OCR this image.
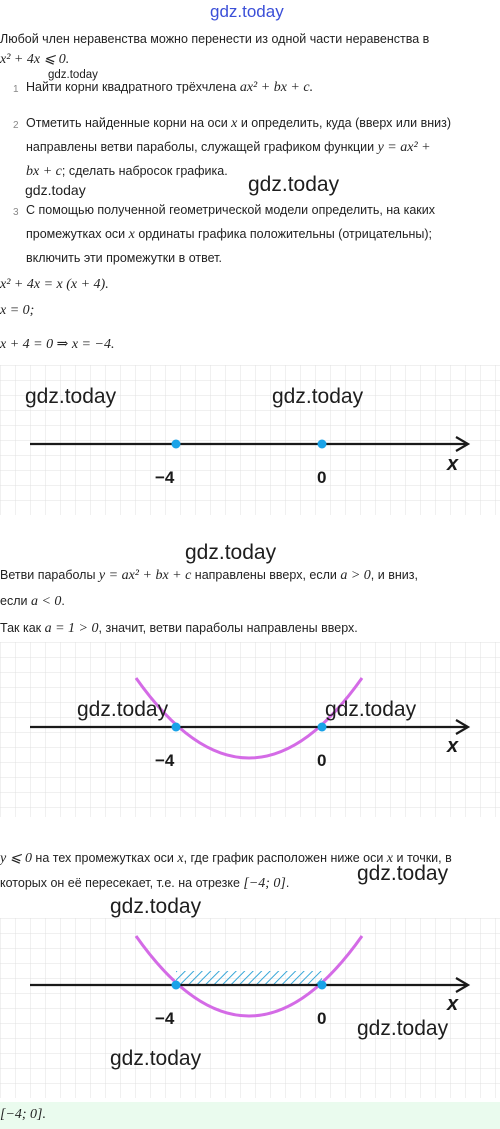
gdz.today
Любой член неравенства можно перенести из одной части неравенства в
x² + 4x ⩽ 0.
gdz.today
1 Найти корни квадратного трёхчлена ax² + bx + c.
2 Отметить найденные корни на оси x и определить, куда (вверх или вниз)
направлены ветви параболы, служащей графиком функции y = ax² +
bx + c; сделать набросок графика.
gdz.today	gdz.today
3 С помощью полученной геометрической модели определить, на каких
промежутках оси x ординаты графика положительны (отрицательны);
включить эти промежутки в ответ.
x² + 4x = x (x + 4).
x = 0;
x + 4 = 0 ⇒ x = −4.
−4	0
x
gdz.today	gdz.today
gdz.today
Ветви параболы y = ax² + bx + c направлены вверх, если a > 0, и вниз,
если a < 0.
Так как a = 1 > 0, значит, ветви параболы направлены вверх.
−4	0
x
gdz.today	gdz.today
y ⩽ 0 на тех промежутках оси x, где график расположен ниже оси x и точки, в
которых он её пересекает, т.е. на отрезке [−4; 0].	gdz.today
gdz.today
−4	0
x
gdz.today
gdz.today
[−4; 0].
